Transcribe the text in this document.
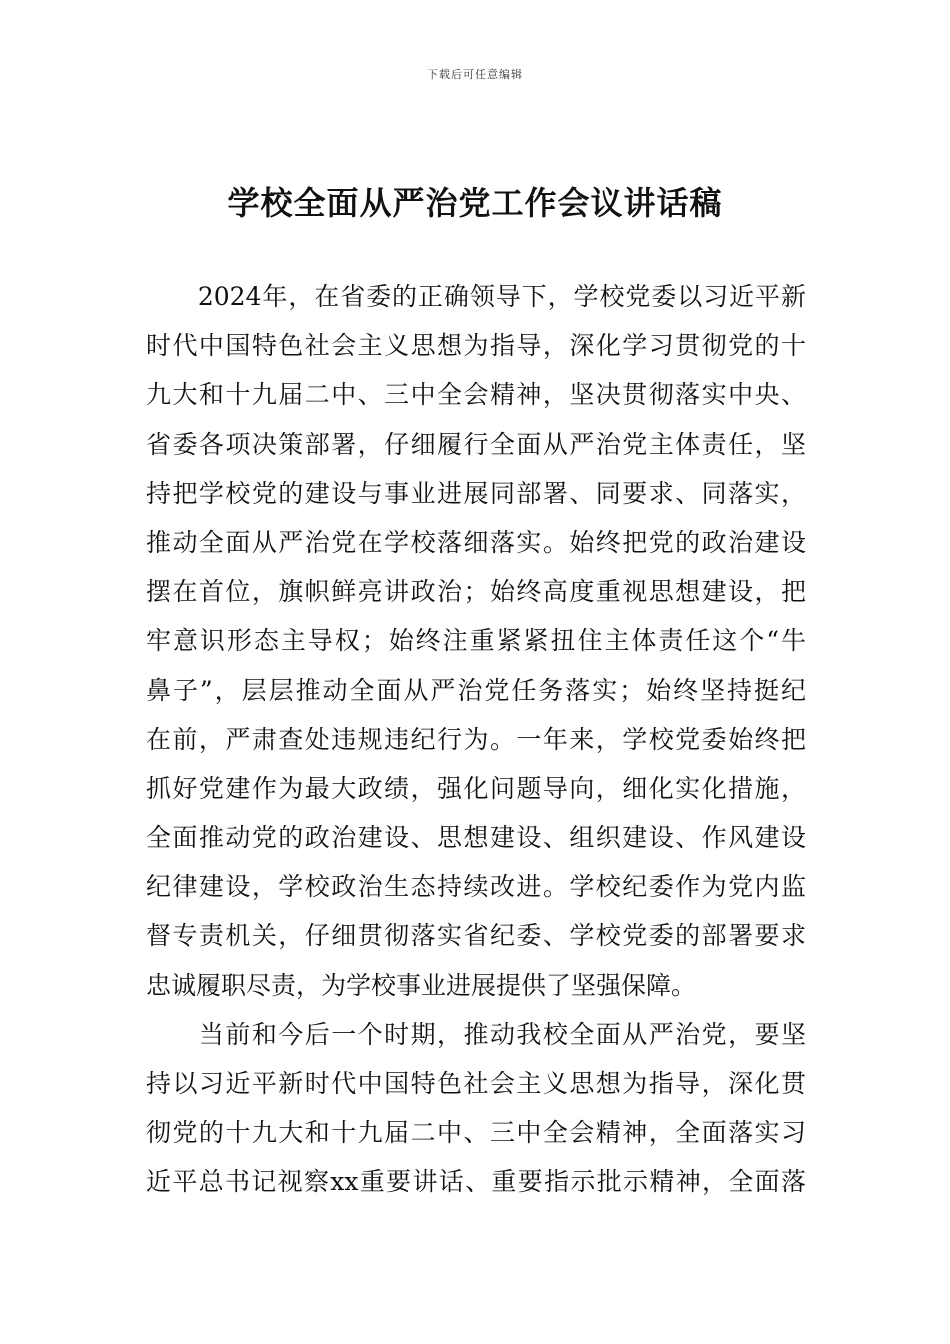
下载后可任意编辑
学校全面从严治党工作会议讲话稿
　　2024年，在省委的正确领导下，学校党委以习近平新
时代中国特色社会主义思想为指导，深化学习贯彻党的十
九大和十九届二中、三中全会精神，坚决贯彻落实中央、
省委各项决策部署，仔细履行全面从严治党主体责任，坚
持把学校党的建设与事业进展同部署、同要求、同落实，
推动全面从严治党在学校落细落实。始终把党的政治建设
摆在首位，旗帜鲜亮讲政治；始终高度重视思想建设，把
牢意识形态主导权；始终注重紧紧扭住主体责任这个“牛
鼻子”，层层推动全面从严治党任务落实；始终坚持挺纪
在前，严肃查处违规违纪行为。一年来，学校党委始终把
抓好党建作为最大政绩，强化问题导向，细化实化措施，
全面推动党的政治建设、思想建设、组织建设、作风建设
纪律建设，学校政治生态持续改进。学校纪委作为党内监
督专责机关，仔细贯彻落实省纪委、学校党委的部署要求
忠诚履职尽责，为学校事业进展提供了坚强保障。
　　当前和今后一个时期，推动我校全面从严治党，要坚
持以习近平新时代中国特色社会主义思想为指导，深化贯
彻党的十九大和十九届二中、三中全会精神，全面落实习
近平总书记视察xx重要讲话、重要指示批示精神，全面落
